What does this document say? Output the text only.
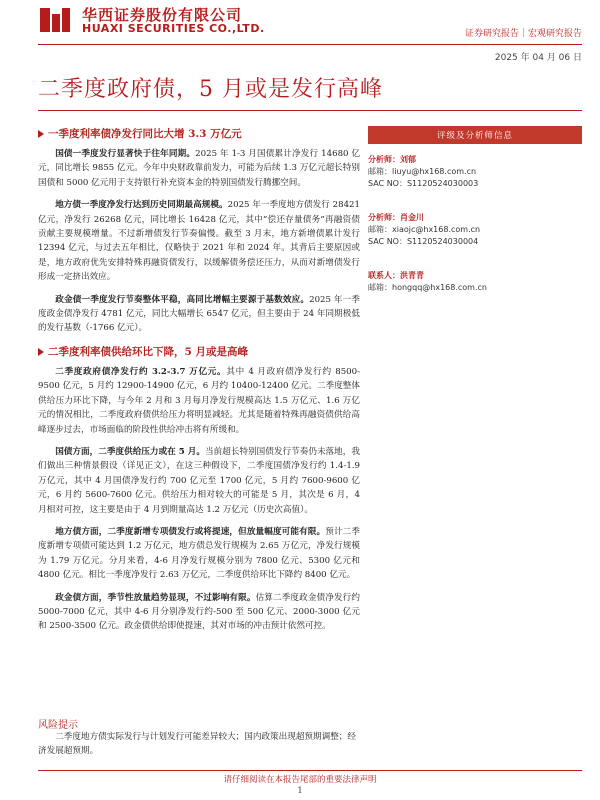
华西证券股份有限公司
HUAXI SECURITIES CO.,LTD.	证券研究报告｜宏观研究报告
2025 年 04 月 06 日
二季度政府债，5 月或是发行高峰
一季度利率债净发行同比大增 3.3 万亿元

国债一季度发行显著快于往年同期。2025 年 1-3 月国债累计净发行 14680 亿元，同比增长 9855 亿元。今年中央财政靠前发力，可能为后续 1.3 万亿元超长特别国债和 5000 亿元用于支持银行补充资本金的特别国债发行腾挪空间。

地方债一季度净发行达到历史同期最高规模。2025 年一季度地方债发行 28421 亿元，净发行 26268 亿元，同比增长 16428 亿元，其中“偿还存量债务”再融资债贡献主要规模增量。不过新增债发行节奏偏慢。截至 3 月末，地方新增债累计发行 12394 亿元，与过去五年相比，仅略快于 2021 年和 2024 年。其背后主要原因或是，地方政府优先安排特殊再融资债发行，以缓解债务偿还压力，从而对新增债发行形成一定挤出效应。

政金债一季度发行节奏整体平稳，高同比增幅主要源于基数效应。2025 年一季度政金债净发行 4781 亿元，同比大幅增长 6547 亿元，但主要由于 24 年同期极低的发行基数（-1766 亿元）。

二季度利率债供给环比下降，5 月或是高峰

二季度政府债净发行约 3.2-3.7 万亿元。其中 4 月政府债净发行约 8500-9500 亿元，5 月约 12900-14900 亿元，6 月约 10400-12400 亿元。二季度整体供给压力环比下降，与今年 2 月和 3 月每月净发行规模高达 1.5 万亿元、1.6 万亿元的情况相比，二季度政府债供给压力将明显减轻。尤其是随着特殊再融资债供给高峰逐步过去，市场面临的阶段性供给冲击将有所缓和。

国债方面，二季度供给压力或在 5 月。当前超长特别国债发行节奏仍未落地，我们做出三种情景假设（详见正文），在这三种假设下，二季度国债净发行约 1.4-1.9 万亿元，其中 4 月国债净发行约 700 亿元至 1700 亿元，5 月约 7600-9600 亿元，6 月约 5600-7600 亿元。供给压力相对较大的可能是 5 月，其次是 6 月，4 月相对可控，这主要是由于 4 月到期量高达 1.2 万亿元（历史次高值）。

地方债方面，二季度新增专项债发行或将提速，但放量幅度可能有限。预计二季度新增专项债可能达到 1.2 万亿元，地方债总发行规模为 2.65 万亿元，净发行规模为 1.79 万亿元。分月来看，4-6 月净发行规模分别为 7800 亿元、5300 亿元和 4800 亿元。相比一季度净发行 2.63 万亿元，二季度供给环比下降约 8400 亿元。

政金债方面，季节性放量趋势显现，不过影响有限。估算二季度政金债净发行约 5000-7000 亿元，其中 4-6 月分别净发行约-500 至 500 亿元、2000-3000 亿元和 2500-3500 亿元。政金债供给即使提速，其对市场的冲击预计依然可控。

风险提示

二季度地方债实际发行与计划发行可能差异较大；国内政策出现超预期调整；经济发展超预期。

评级及分析师信息
分析师：刘郁
邮箱：liuyu@hx168.com.cn
SAC NO：S1120524030003
分析师：肖金川
邮箱：xiaojc@hx168.com.cn
SAC NO：S1120524030004
联系人：洪青青
邮箱：hongqq@hx168.com.cn
请仔细阅读在本报告尾部的重要法律声明
1
